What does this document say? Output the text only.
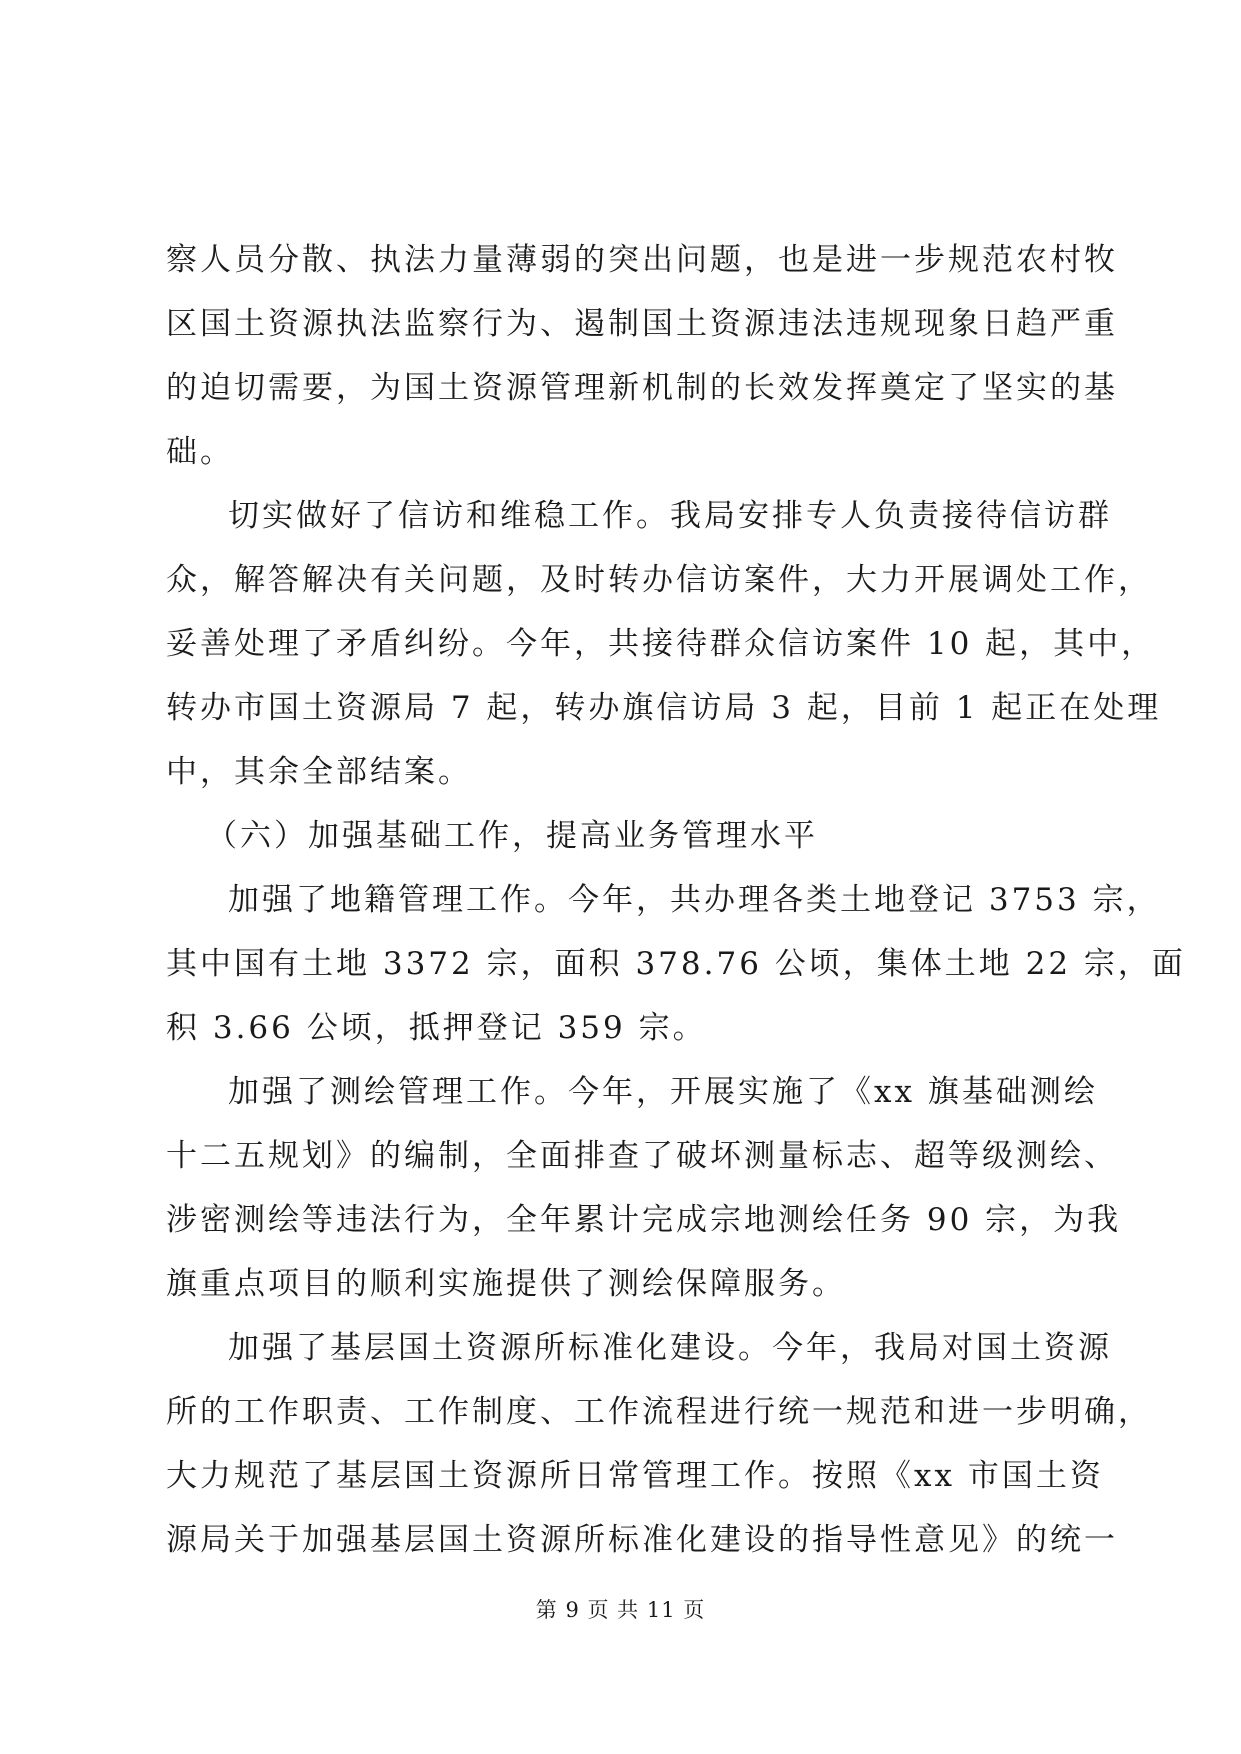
察人员分散、执法力量薄弱的突出问题，也是进一步规范农村牧
区国土资源执法监察行为、遏制国土资源违法违规现象日趋严重
的迫切需要，为国土资源管理新机制的长效发挥奠定了坚实的基
础。
切实做好了信访和维稳工作。我局安排专人负责接待信访群
众，解答解决有关问题，及时转办信访案件，大力开展调处工作，
妥善处理了矛盾纠纷。今年，共接待群众信访案件 10 起，其中，
转办市国土资源局 7 起，转办旗信访局 3 起，目前 1 起正在处理
中，其余全部结案。
（六）加强基础工作，提高业务管理水平
加强了地籍管理工作。今年，共办理各类土地登记 3753 宗，
其中国有土地 3372 宗，面积 378.76 公顷，集体土地 22 宗，面
积 3.66 公顷，抵押登记 359 宗。
加强了测绘管理工作。今年，开展实施了《xx 旗基础测绘
十二五规划》的编制，全面排查了破坏测量标志、超等级测绘、
涉密测绘等违法行为，全年累计完成宗地测绘任务 90 宗，为我
旗重点项目的顺利实施提供了测绘保障服务。
加强了基层国土资源所标准化建设。今年，我局对国土资源
所的工作职责、工作制度、工作流程进行统一规范和进一步明确，
大力规范了基层国土资源所日常管理工作。按照《xx 市国土资
源局关于加强基层国土资源所标准化建设的指导性意见》的统一
第 9 页 共 11 页
